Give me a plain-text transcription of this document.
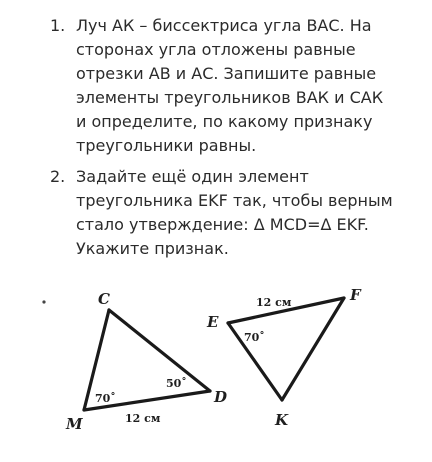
1. Луч АК – биссектриса угла ВАС. На
сторонах угла отложены равные
отрезки АВ и АС. Запишите равные
элементы треугольников ВАК и САК
и определите, по какому признаку
треугольники равны.
2. Задайте ещё один элемент
треугольника EKF так, чтобы верным
стало утверждение: Δ MCD=Δ EKF.
Укажите признак.
C
M
D
70˚
50˚
12 см
E
F
K
70˚
12 см
